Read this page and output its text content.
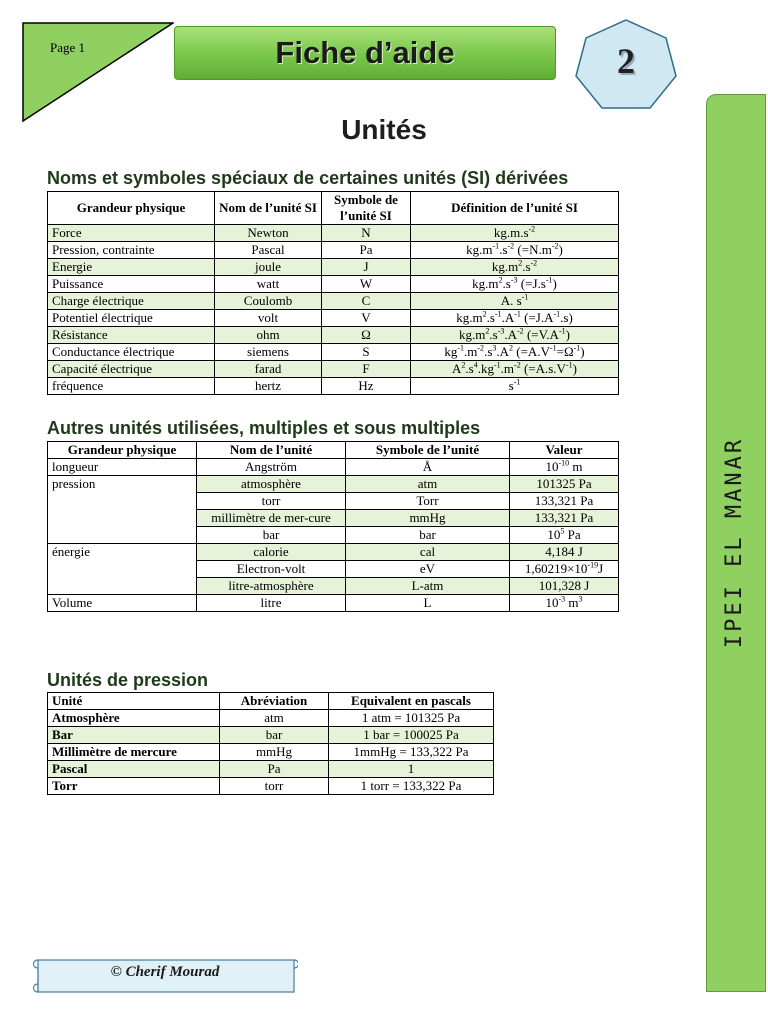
Page 1	Fiche d’aide	2
IPEI EL MANAR
Unités
Noms et symboles spéciaux de certaines unités (SI) dérivées
Grandeur physique	Nom de l’unité SI	Symbole de l’unité SI	Définition de l’unité SI
Force	Newton	N	$kg.m.s^{-2}$
Pression, contrainte	Pascal	Pa	$kg.m^{-1}.s^{-2}$ $(=N.m^{-2})$
Energie	joule	J	$kg.m^2.s^{-2}$
Puissance	watt	W	$kg.m^2.s^{-3}$ $(=J.s^{-1})$
Charge électrique	Coulomb	C	A. $s^{-1}$
Potentiel électrique	volt	V	$kg.m^2.s^{-1}.A^{-1}$ $(=J.A^{-1}.s)$
Résistance	ohm	Ω	$kg.m^2.s^{-3}.A^{-2}$ $(=V.A^{-1})$
Conductance électrique	siemens	S	$kg^{-1}.m^{-2}.s^3.A^2$ $(=A.V^{-1}=\Omega^{-1})$
Capacité électrique	farad	F	$A^2.s^4.kg^{-1}.m^{-2}$ $(=A.s.V^{-1})$
fréquence	hertz	Hz	$s^{-1}$
Autres unités utilisées, multiples et sous multiples
Grandeur physique	Nom de l’unité	Symbole de l’unité	Valeur
longueur	Angström	Å	$10^{-10}$ m
pression	atmosphère	atm	101325 Pa
	torr	Torr	133,321 Pa
	millimètre de mer-cure	mmHg	133,321 Pa
	bar	bar	$10^5$ Pa
énergie	calorie	cal	4,184 J
	Electron-volt	eV	$1,60219\times 10^{-19}J$
	litre-atmosphère	L-atm	101,328 J
Volume	litre	L	$10^{-3}$ $m^3$
Unités de pression
Unité	Abréviation	Equivalent en pascals
Atmosphère	atm	1 atm = 101325 Pa
Bar	bar	1 bar = 100025 Pa
Millimètre de mercure	mmHg	1mmHg = 133,322 Pa
Pascal	Pa	1
Torr	torr	1 torr = 133,322 Pa
© Cherif Mourad
